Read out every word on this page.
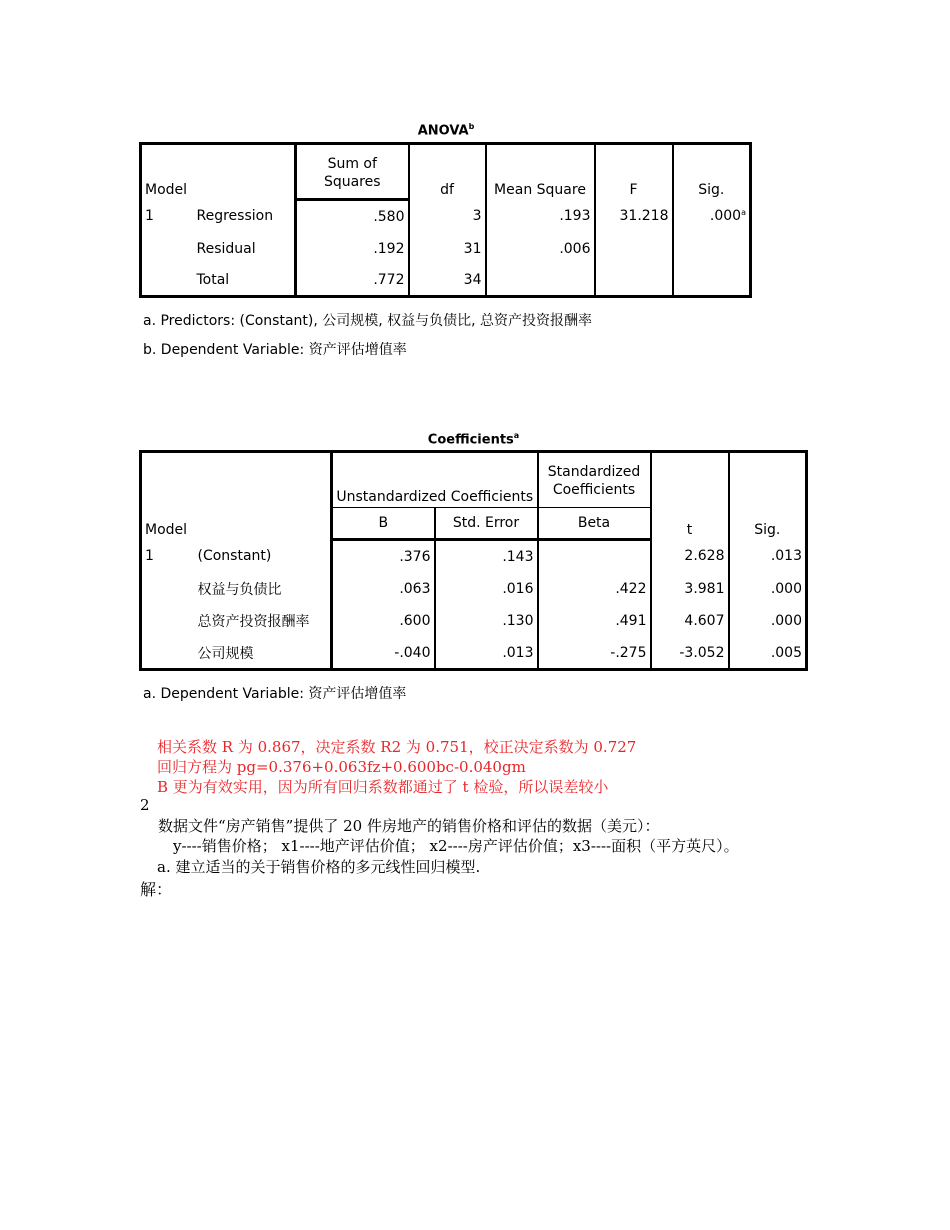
ANOVA$^b$
Model		Sum of	df	Mean Square	F	Sig.
		Squares				
1	Regression	.580	3	.193	31.218	.000$^a$
	Residual	.192	31	.006		
	Total	.772	34			
a. Predictors: (Constant), 公司规模, 权益与负债比, 总资产投资报酬率
b. Dependent Variable: 资产评估增值率
Coefficients$^a$
Model		Unstandardized Coefficients		Standardized	t	Sig.
				Coefficients		
		B	Std. Error	Beta		
1	(Constant)	.376	.143		2.628	.013
	权益与负债比	.063	.016	.422	3.981	.000
	总资产投资报酬率	.600	.130	.491	4.607	.000
	公司规模	-.040	.013	-.275	-3.052	.005
a. Dependent Variable: 资产评估增值率
相关系数 R 为 0.867，决定系数 R2 为 0.751，校正决定系数为 0.727
回归方程为 pg=0.376+0.063fz+0.600bc-0.040gm
B 更为有效实用，因为所有回归系数都通过了 t 检验，所以误差较小
2
数据文件“房产销售”提供了 20 件房地产的销售价格和评估的数据（美元）：
y----销售价格； x1----地产评估价值； x2----房产评估价值；x3----面积（平方英尺）。
a. 建立适当的关于销售价格的多元线性回归模型.
解：
